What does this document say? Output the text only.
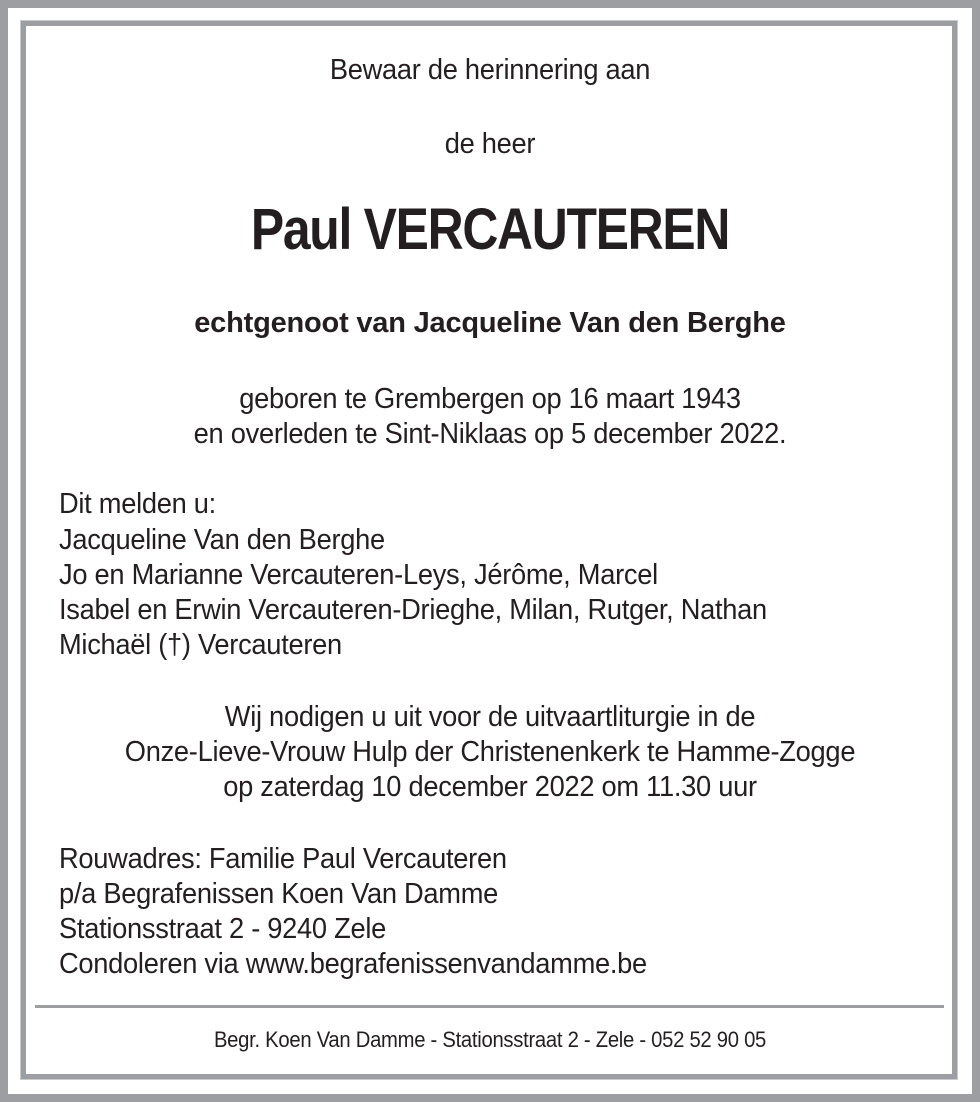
Bewaar de herinnering aan
de heer
Paul VERCAUTEREN
echtgenoot van Jacqueline Van den Berghe
geboren te Grembergen op 16 maart 1943
en overleden te Sint-Niklaas op 5 december 2022.
Dit melden u:
Jacqueline Van den Berghe
Jo en Marianne Vercauteren-Leys, Jérôme, Marcel
Isabel en Erwin Vercauteren-Drieghe, Milan, Rutger, Nathan
Michaël (†) Vercauteren
Wij nodigen u uit voor de uitvaartliturgie in de
Onze-Lieve-Vrouw Hulp der Christenenkerk te Hamme-Zogge
op zaterdag 10 december 2022 om 11.30 uur
Rouwadres: Familie Paul Vercauteren
p/a Begrafenissen Koen Van Damme
Stationsstraat 2 - 9240 Zele
Condoleren via www.begrafenissenvandamme.be
Begr. Koen Van Damme - Stationsstraat 2 - Zele - 052 52 90 05
